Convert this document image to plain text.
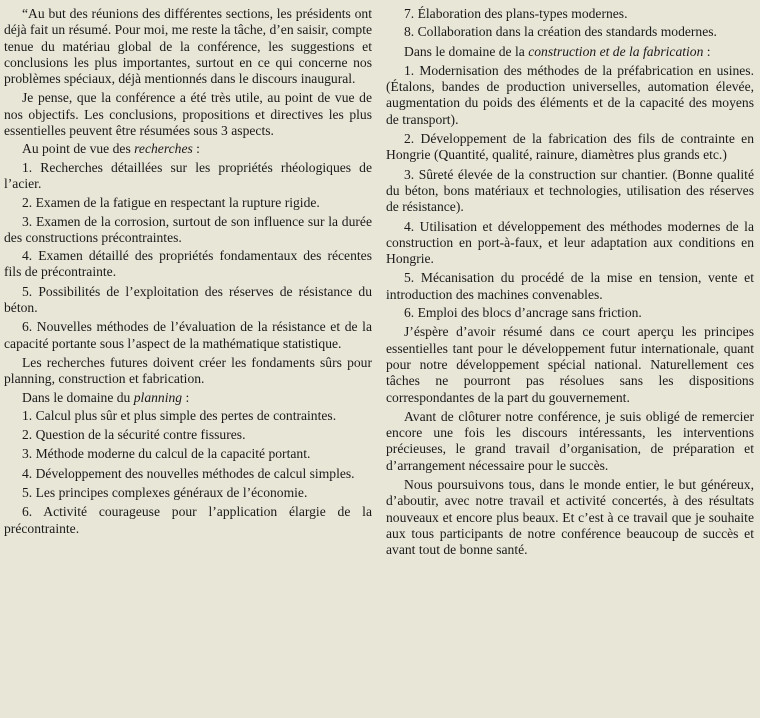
“Au but des réunions des différentes sections, les présidents ont déjà fait un résumé. Pour moi, me reste la tâche, d’en saisir, compte tenue du matériau global de la conférence, les suggestions et conclusions les plus importantes, surtout en ce qui concerne nos problèmes spéciaux, déjà mentionnés dans le discours inaugural.

Je pense, que la conférence a été très utile, au point de vue de nos objectifs. Les conclusions, propositions et directives les plus essentielles peuvent être résumées sous 3 aspects.

Au point de vue des recherches :

1. Recherches détaillées sur les propriétés rhéologiques de l’acier.

2. Examen de la fatigue en respectant la rupture rigide.

3. Examen de la corrosion, surtout de son influence sur la durée des constructions précontraintes.

4. Examen détaillé des propriétés fondamentaux des récentes fils de précontrainte.

5. Possibilités de l’exploitation des réserves de résistance du béton.

6. Nouvelles méthodes de l’évaluation de la résistance et de la capacité portante sous l’aspect de la mathématique statistique.

Les recherches futures doivent créer les fondaments sûrs pour planning, construction et fabrication.

Dans le domaine du planning :

1. Calcul plus sûr et plus simple des pertes de contraintes.

2. Question de la sécurité contre fissures.

3. Méthode moderne du calcul de la capacité portant.

4. Développement des nouvelles méthodes de calcul simples.

5. Les principes complexes généraux de l’économie.

6. Activité courageuse pour l’application élargie de la précontrainte.

7. Élaboration des plans-types modernes.

8. Collaboration dans la création des standards modernes.

Dans le domaine de la construction et de la fabrication :

1. Modernisation des méthodes de la préfabrication en usines. (Étalons, bandes de production universelles, automation élevée, augmentation du poids des éléments et de la capacité des moyens de transport).

2. Développement de la fabrication des fils de contrainte en Hongrie (Quantité, qualité, rainure, diamètres plus grands etc.)

3. Sûreté élevée de la construction sur chantier. (Bonne qualité du béton, bons matériaux et technologies, utilisation des réserves de résistance).

4. Utilisation et développement des méthodes modernes de la construction en port-à-faux, et leur adaptation aux conditions en Hongrie.

5. Mécanisation du procédé de la mise en tension, vente et introduction des machines convenables.

6. Emploi des blocs d’ancrage sans friction.

J’éspère d’avoir résumé dans ce court aperçu les principes essentielles tant pour le développement futur internationale, quant pour notre développement spécial national. Naturellement ces tâches ne pourront pas résolues sans les dispositions correspondantes de la part du gouvernement.

Avant de clôturer notre conférence, je suis obligé de remercier encore une fois les discours intéressants, les interventions précieuses, le grand travail d’organisation, de préparation et d’arrangement nécessaire pour le succès.

Nous poursuivons tous, dans le monde entier, le but généreux, d’aboutir, avec notre travail et activité concertés, à des résultats nouveaux et encore plus beaux. Et c’est à ce travail que je souhaite aux tous participants de notre conférence beaucoup de succès et avant tout de bonne santé.
